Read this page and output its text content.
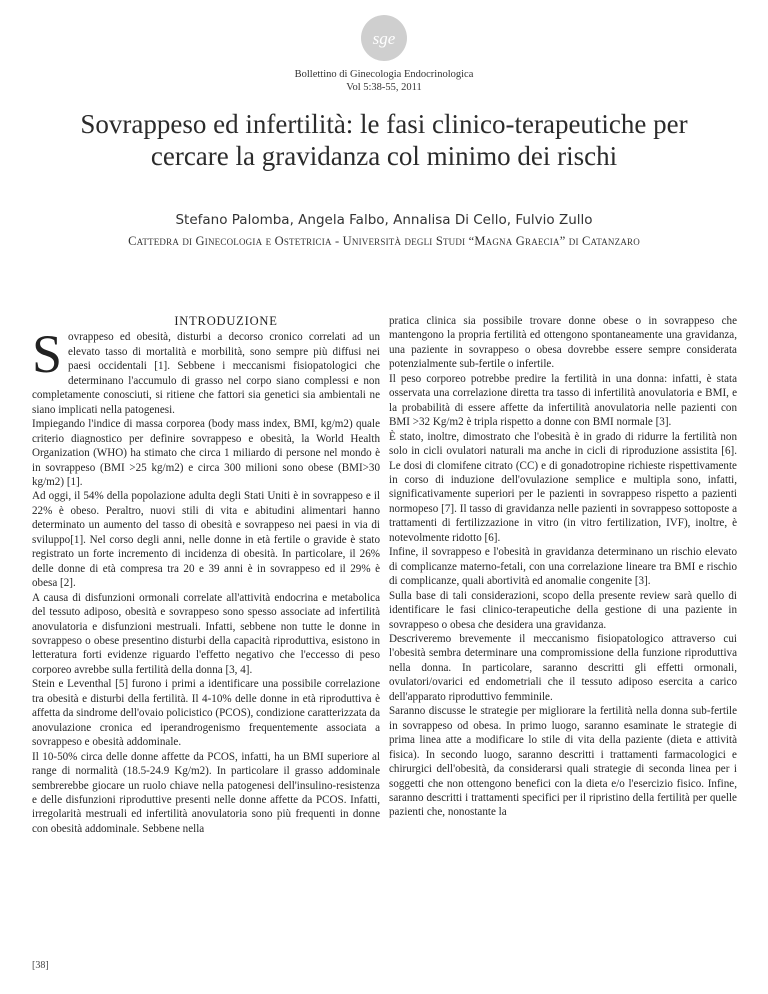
sge
Bollettino di Ginecologia Endocrinologica
Vol 5:38-55, 2011
Sovrappeso ed infertilità: le fasi clinico-terapeutiche per cercare la gravidanza col minimo dei rischi
Stefano Palomba, Angela Falbo, Annalisa Di Cello, Fulvio Zullo
Cattedra di Ginecologia e Ostetricia - Università degli Studi “Magna Graecia” di Catanzaro
INTRODUZIONE
S ovrappeso ed obesità, disturbi a decorso cronico correlati ad un elevato tasso di mortalità e morbilità, sono sempre più diffusi nei paesi occidentali [1]. Sebbene i meccanismi fisiopatologici che determinano l'accumulo di grasso nel corpo siano complessi e non completamente conosciuti, si ritiene che fattori sia genetici sia ambientali ne siano implicati nella patogenesi.

Impiegando l'indice di massa corporea (body mass index, BMI, kg/m2) quale criterio diagnostico per definire sovrappeso e obesità, la World Health Organization (WHO) ha stimato che circa 1 miliardo di persone nel mondo è in sovrappeso (BMI >25 kg/m2) e circa 300 milioni sono obese (BMI>30 kg/m2) [1].

Ad oggi, il 54% della popolazione adulta degli Stati Uniti è in sovrappeso e il 22% è obeso. Peraltro, nuovi stili di vita e abitudini alimentari hanno determinato un aumento del tasso di obesità e sovrappeso nei paesi in via di sviluppo[1]. Nel corso degli anni, nelle donne in età fertile o gravide è stato registrato un forte incremento di incidenza di obesità. In particolare, il 26% delle donne di età compresa tra 20 e 39 anni è in sovrappeso ed il 29% è obesa [2].

A causa di disfunzioni ormonali correlate all'attività endocrina e metabolica del tessuto adiposo, obesità e sovrappeso sono spesso associate ad infertilità anovulatoria e disfunzioni mestruali. Infatti, sebbene non tutte le donne in sovrappeso o obese presentino disturbi della capacità riproduttiva, esistono in letteratura forti evidenze riguardo l'effetto negativo che l'eccesso di peso corporeo avrebbe sulla fertilità della donna [3, 4].

Stein e Leventhal [5] furono i primi a identificare una possibile correlazione tra obesità e disturbi della fertilità. Il 4-10% delle donne in età riproduttiva è affetta da sindrome dell'ovaio policistico (PCOS), condizione caratterizzata da anovulazione cronica ed iperandrogenismo frequentemente associata a sovrappeso e obesità addominale.

Il 10-50% circa delle donne affette da PCOS, infatti, ha un BMI superiore al range di normalità (18.5-24.9 Kg/m2). In particolare il grasso addominale sembrerebbe giocare un ruolo chiave nella patogenesi dell'insulino-resistenza e delle disfunzioni riproduttive presenti nelle donne affette da PCOS. Infatti, irregolarità mestruali ed infertilità anovulatoria sono più frequenti in donne con obesità addominale. Sebbene nella

pratica clinica sia possibile trovare donne obese o in sovrappeso che mantengono la propria fertilità ed ottengono spontaneamente una gravidanza, una paziente in sovrappeso o obesa dovrebbe essere sempre considerata potenzialmente sub-fertile o infertile.

Il peso corporeo potrebbe predire la fertilità in una donna: infatti, è stata osservata una correlazione diretta tra tasso di infertilità anovulatoria e BMI, e la probabilità di essere affette da infertilità anovulatoria nelle pazienti con BMI >32 Kg/m2 è tripla rispetto a donne con BMI normale [3].

È stato, inoltre, dimostrato che l'obesità è in grado di ridurre la fertilità non solo in cicli ovulatori naturali ma anche in cicli di riproduzione assistita [6]. Le dosi di clomifene citrato (CC) e di gonadotropine richieste rispettivamente in corso di induzione dell'ovulazione semplice e multipla sono, infatti, significativamente superiori per le pazienti in sovrappeso rispetto a pazienti normopeso [7]. Il tasso di gravidanza nelle pazienti in sovrappeso sottoposte a trattamenti di fertilizzazione in vitro (in vitro fertilization, IVF), inoltre, è notevolmente ridotto [6].

Infine, il sovrappeso e l'obesità in gravidanza determinano un rischio elevato di complicanze materno-fetali, con una correlazione lineare tra BMI e rischio di complicanze, quali abortività ed anomalie congenite [3].

Sulla base di tali considerazioni, scopo della presente review sarà quello di identificare le fasi clinico-terapeutiche della gestione di una paziente in sovrappeso o obesa che desidera una gravidanza.

Descriveremo brevemente il meccanismo fisiopatologico attraverso cui l'obesità sembra determinare una compromissione della funzione riproduttiva nella donna. In particolare, saranno descritti gli effetti ormonali, ovulatori/ovarici ed endometriali che il tessuto adiposo esercita a carico dell'apparato riproduttivo femminile.

Saranno discusse le strategie per migliorare la fertilità nella donna sub-fertile in sovrappeso od obesa. In primo luogo, saranno esaminate le strategie di prima linea atte a modificare lo stile di vita della paziente (dieta e attività fisica). In secondo luogo, saranno descritti i trattamenti farmacologici e chirurgici dell'obesità, da considerarsi quali strategie di seconda linea per i soggetti che non ottengono benefici con la dieta e/o l'esercizio fisico. Infine, saranno descritti i trattamenti specifici per il ripristino della fertilità per quelle pazienti che, nonostante la

[38]
